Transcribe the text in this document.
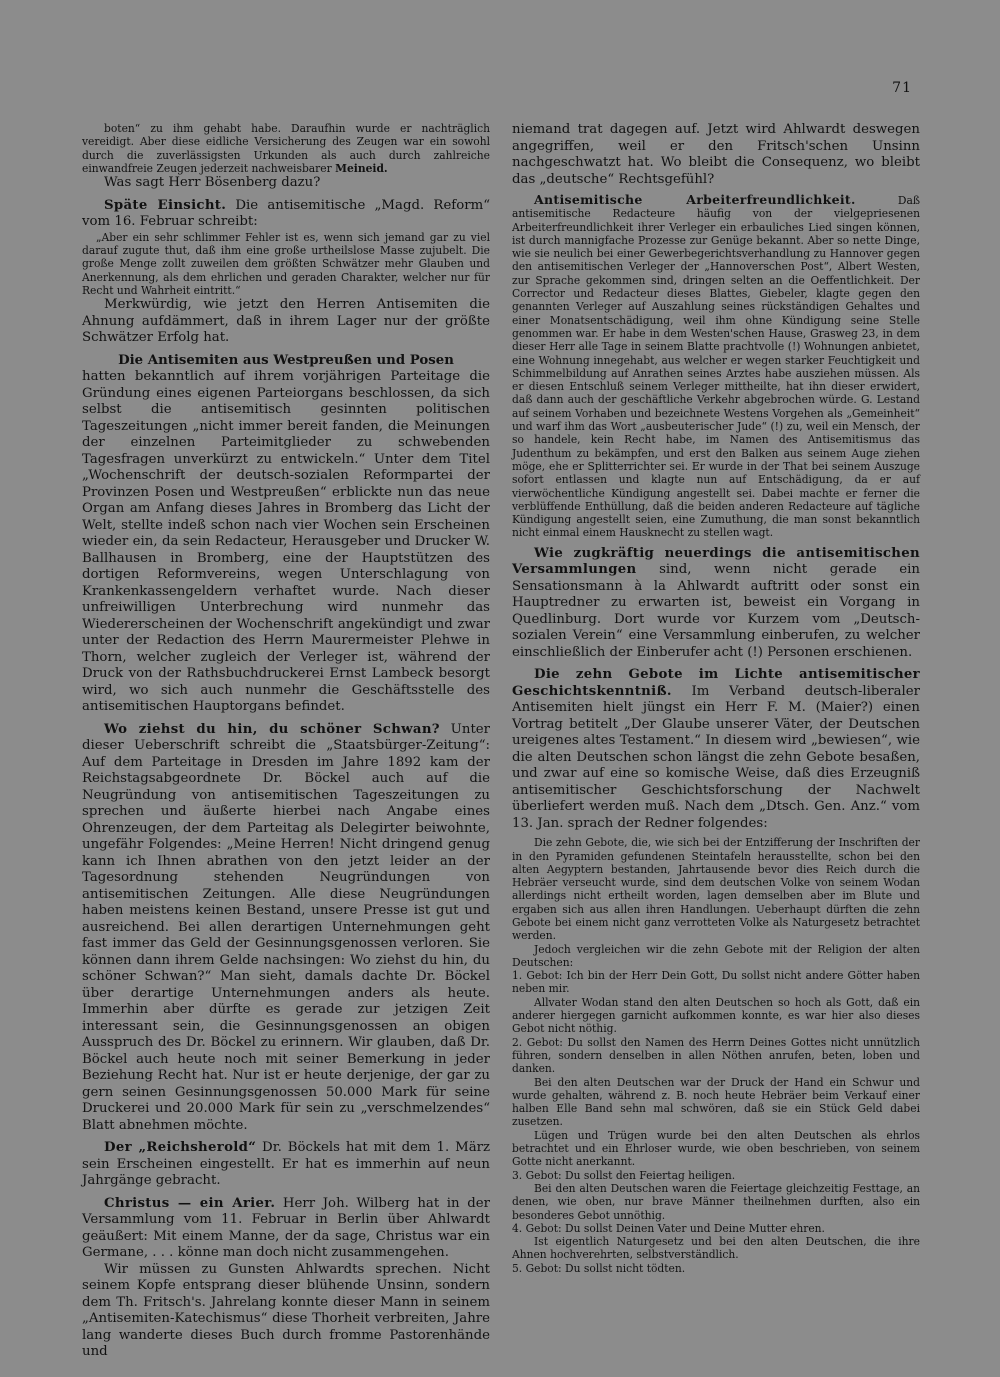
71

boten“ zu ihm gehabt habe. Daraufhin wurde er nachträglich vereidigt. Aber diese eidliche Versicherung des Zeugen war ein sowohl durch die zuverlässigsten Urkunden als auch durch zahlreiche einwandfreie Zeugen jederzeit nachweisbarer Meineid.

Was sagt Herr Bösenberg dazu?

Späte Einsicht. Die antisemitische „Magd. Reform“ vom 16. Februar schreibt:

„Aber ein sehr schlimmer Fehler ist es, wenn sich jemand gar zu viel darauf zugute thut, daß ihm eine große urtheilslose Masse zujubelt. Die große Menge zollt zuweilen dem größten Schwätzer mehr Glauben und Anerkennung, als dem ehrlichen und geraden Charakter, welcher nur für Recht und Wahrheit eintritt.“

Merkwürdig, wie jetzt den Herren Antisemiten die Ahnung aufdämmert, daß in ihrem Lager nur der größte Schwätzer Erfolg hat.

Die Antisemiten aus Westpreußen und Posen

hatten bekanntlich auf ihrem vorjährigen Parteitage die Gründung eines eigenen Parteiorgans beschlossen, da sich selbst die antisemitisch gesinnten politischen Tageszeitungen „nicht immer bereit fanden, die Meinungen der einzelnen Parteimitglieder zu schwebenden Tagesfragen unverkürzt zu entwickeln.“ Unter dem Titel „Wochenschrift der deutsch-sozialen Reformpartei der Provinzen Posen und Westpreußen“ erblickte nun das neue Organ am Anfang dieses Jahres in Bromberg das Licht der Welt, stellte indeß schon nach vier Wochen sein Erscheinen wieder ein, da sein Redacteur, Herausgeber und Drucker W. Ballhausen in Bromberg, eine der Hauptstützen des dortigen Reformvereins, wegen Unterschlagung von Krankenkassengeldern verhaftet wurde. Nach dieser unfreiwilligen Unterbrechung wird nunmehr das Wiedererscheinen der Wochenschrift angekündigt und zwar unter der Redaction des Herrn Maurermeister Plehwe in Thorn, welcher zugleich der Verleger ist, während der Druck von der Rathsbuchdruckerei Ernst Lambeck besorgt wird, wo sich auch nunmehr die Geschäftsstelle des antisemitischen Hauptorgans befindet.

Wo ziehst du hin, du schöner Schwan? Unter dieser Ueberschrift schreibt die „Staatsbürger-Zeitung“: Auf dem Parteitage in Dresden im Jahre 1892 kam der Reichstagsabgeordnete Dr. Böckel auch auf die Neugründung von antisemitischen Tageszeitungen zu sprechen und äußerte hierbei nach Angabe eines Ohrenzeugen, der dem Parteitag als Delegirter beiwohnte, ungefähr Folgendes: „Meine Herren! Nicht dringend genug kann ich Ihnen abrathen von den jetzt leider an der Tagesordnung stehenden Neugründungen von antisemitischen Zeitungen. Alle diese Neugründungen haben meistens keinen Bestand, unsere Presse ist gut und ausreichend. Bei allen derartigen Unternehmungen geht fast immer das Geld der Gesinnungsgenossen verloren. Sie können dann ihrem Gelde nachsingen: Wo ziehst du hin, du schöner Schwan?“ Man sieht, damals dachte Dr. Böckel über derartige Unternehmungen anders als heute. Immerhin aber dürfte es gerade zur jetzigen Zeit interessant sein, die Gesinnungsgenossen an obigen Ausspruch des Dr. Böckel zu erinnern. Wir glauben, daß Dr. Böckel auch heute noch mit seiner Bemerkung in jeder Beziehung Recht hat. Nur ist er heute derjenige, der gar zu gern seinen Gesinnungsgenossen 50.000 Mark für seine Druckerei und 20.000 Mark für sein zu „verschmelzendes“ Blatt abnehmen möchte.

Der „Reichsherold“ Dr. Böckels hat mit dem 1. März sein Erscheinen eingestellt. Er hat es immerhin auf neun Jahrgänge gebracht.

Christus — ein Arier. Herr Joh. Wilberg hat in der Versammlung vom 11. Februar in Berlin über Ahlwardt geäußert: Mit einem Manne, der da sage, Christus war ein Germane, . . . könne man doch nicht zusammengehen.

Wir müssen zu Gunsten Ahlwardts sprechen. Nicht seinem Kopfe entsprang dieser blühende Unsinn, sondern dem Th. Fritsch's. Jahrelang konnte dieser Mann in seinem „Antisemiten-Katechismus“ diese Thorheit verbreiten, Jahre lang wanderte dieses Buch durch fromme Pastorenhände und

niemand trat dagegen auf. Jetzt wird Ahlwardt deswegen angegriffen, weil er den Fritsch'schen Unsinn nachgeschwatzt hat. Wo bleibt die Consequenz, wo bleibt das „deutsche“ Rechtsgefühl?

Antisemitische Arbeiterfreundlichkeit.	Daß antisemitische Redacteure häufig von der vielgepriesenen Arbeiterfreundlichkeit ihrer Verleger ein erbauliches Lied singen können, ist durch mannigfache Prozesse zur Genüge bekannt. Aber so nette Dinge, wie sie neulich bei einer Gewerbegerichtsverhandlung zu Hannover gegen den antisemitischen Verleger der „Hannoverschen Post“, Albert Westen, zur Sprache gekommen sind, dringen selten an die Oeffentlichkeit. Der Corrector und Redacteur dieses Blattes, Giebeler, klagte gegen den genannten Verleger auf Auszahlung seines rückständigen Gehaltes und einer Monatsentschädigung, weil ihm ohne Kündigung seine Stelle genommen war. Er habe in dem Westen'schen Hause, Grasweg 23, in dem dieser Herr alle Tage in seinem Blatte prachtvolle (!) Wohnungen anbietet, eine Wohnung innegehabt, aus welcher er wegen starker Feuchtigkeit und Schimmelbildung auf Anrathen seines Arztes habe ausziehen müssen. Als er diesen Entschluß seinem Verleger mittheilte, hat ihn dieser erwidert, daß dann auch der geschäftliche Verkehr abgebrochen würde. G. Lestand auf seinem Vorhaben und bezeichnete Westens Vorgehen als „Gemeinheit“ und warf ihm das Wort „ausbeuterischer Jude“ (!) zu, weil ein Mensch, der so handele, kein Recht habe, im Namen des Antisemitismus das Judenthum zu bekämpfen, und erst den Balken aus seinem Auge ziehen möge, ehe er Splitterrichter sei. Er wurde in der That bei seinem Auszuge sofort entlassen und klagte nun auf Entschädigung, da er auf vierwöchentliche Kündigung angestellt sei. Dabei machte er ferner die verblüffende Enthüllung, daß die beiden anderen Redacteure auf tägliche Kündigung angestellt seien, eine Zumuthung, die man sonst bekanntlich nicht einmal einem Hausknecht zu stellen wagt.

Wie zugkräftig neuerdings die antisemitischen Versammlungen sind, wenn nicht gerade ein Sensationsmann à la Ahlwardt auftritt oder sonst ein Hauptredner zu erwarten ist, beweist ein Vorgang in Quedlinburg. Dort wurde vor Kurzem vom „Deutsch-sozialen Verein“ eine Versammlung einberufen, zu welcher einschließlich der Einberufer acht (!) Personen erschienen.

Die zehn Gebote im Lichte antisemitischer Geschichtskenntniß. Im Verband deutsch-liberaler Antisemiten hielt jüngst ein Herr F. M. (Maier?) einen Vortrag betitelt „Der Glaube unserer Väter, der Deutschen ureigenes altes Testament.“ In diesem wird „bewiesen“, wie die alten Deutschen schon längst die zehn Gebote besaßen, und zwar auf eine so komische Weise, daß dies Erzeugniß antisemitischer Geschichtsforschung der Nachwelt überliefert werden muß. Nach dem „Dtsch. Gen. Anz.“ vom 13. Jan. sprach der Redner folgendes:

Die zehn Gebote, die, wie sich bei der Entzifferung der Inschriften der in den Pyramiden gefundenen Steintafeln herausstellte, schon bei den alten Aegyptern bestanden, Jahrtausende bevor dies Reich durch die Hebräer verseucht wurde, sind dem deutschen Volke von seinem Wodan allerdings nicht ertheilt worden, lagen demselben aber im Blute und ergaben sich aus allen ihren Handlungen. Ueberhaupt dürften die zehn Gebote bei einem nicht ganz verrotteten Volke als Naturgesetz betrachtet werden.

Jedoch vergleichen wir die zehn Gebote mit der Religion der alten Deutschen:

1. Gebot: Ich bin der Herr Dein Gott, Du sollst nicht andere Götter haben neben mir.

Allvater Wodan stand den alten Deutschen so hoch als Gott, daß ein anderer hiergegen garnicht aufkommen konnte, es war hier also dieses Gebot nicht nöthig.

2. Gebot: Du sollst den Namen des Herrn Deines Gottes nicht unnützlich führen, sondern denselben in allen Nöthen anrufen, beten, loben und danken.

Bei den alten Deutschen war der Druck der Hand ein Schwur und wurde gehalten, während z. B. noch heute Hebräer beim Verkauf einer halben Elle Band sehn mal schwören, daß sie ein Stück Geld dabei zusetzen.

Lügen und Trügen wurde bei den alten Deutschen als ehrlos betrachtet und ein Ehrloser wurde, wie oben beschrieben, von seinem Gotte nicht anerkannt.

3. Gebot: Du sollst den Feiertag heiligen.

Bei den alten Deutschen waren die Feiertage gleichzeitig Festtage, an denen, wie oben, nur brave Männer theilnehmen durften, also ein besonderes Gebot unnöthig.

4. Gebot: Du sollst Deinen Vater und Deine Mutter ehren.

Ist eigentlich Naturgesetz und bei den alten Deutschen, die ihre Ahnen hochverehrten, selbstverständlich.

5. Gebot: Du sollst nicht tödten.
